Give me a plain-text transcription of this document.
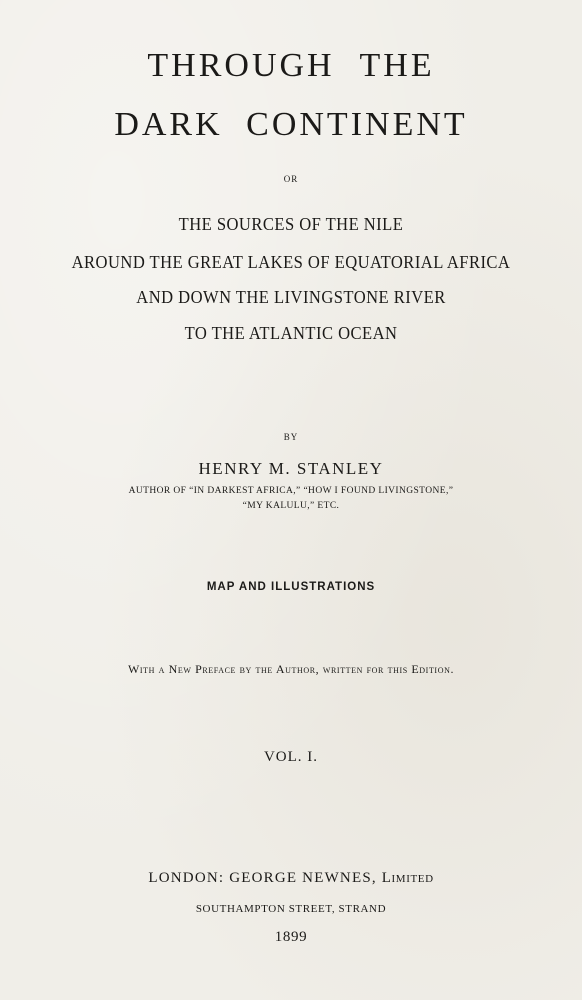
THROUGH THE
DARK CONTINENT
OR
THE SOURCES OF THE NILE
AROUND THE GREAT LAKES OF EQUATORIAL AFRICA
AND DOWN THE LIVINGSTONE RIVER
TO THE ATLANTIC OCEAN
BY
HENRY M. STANLEY
AUTHOR OF “IN DARKEST AFRICA,” “HOW I FOUND LIVINGSTONE,”
“MY KALULU,” ETC.
MAP AND ILLUSTRATIONS
With a New Preface by the Author, written for this Edition.
VOL. I.
LONDON: GEORGE NEWNES, Limited
SOUTHAMPTON STREET, STRAND
1899
